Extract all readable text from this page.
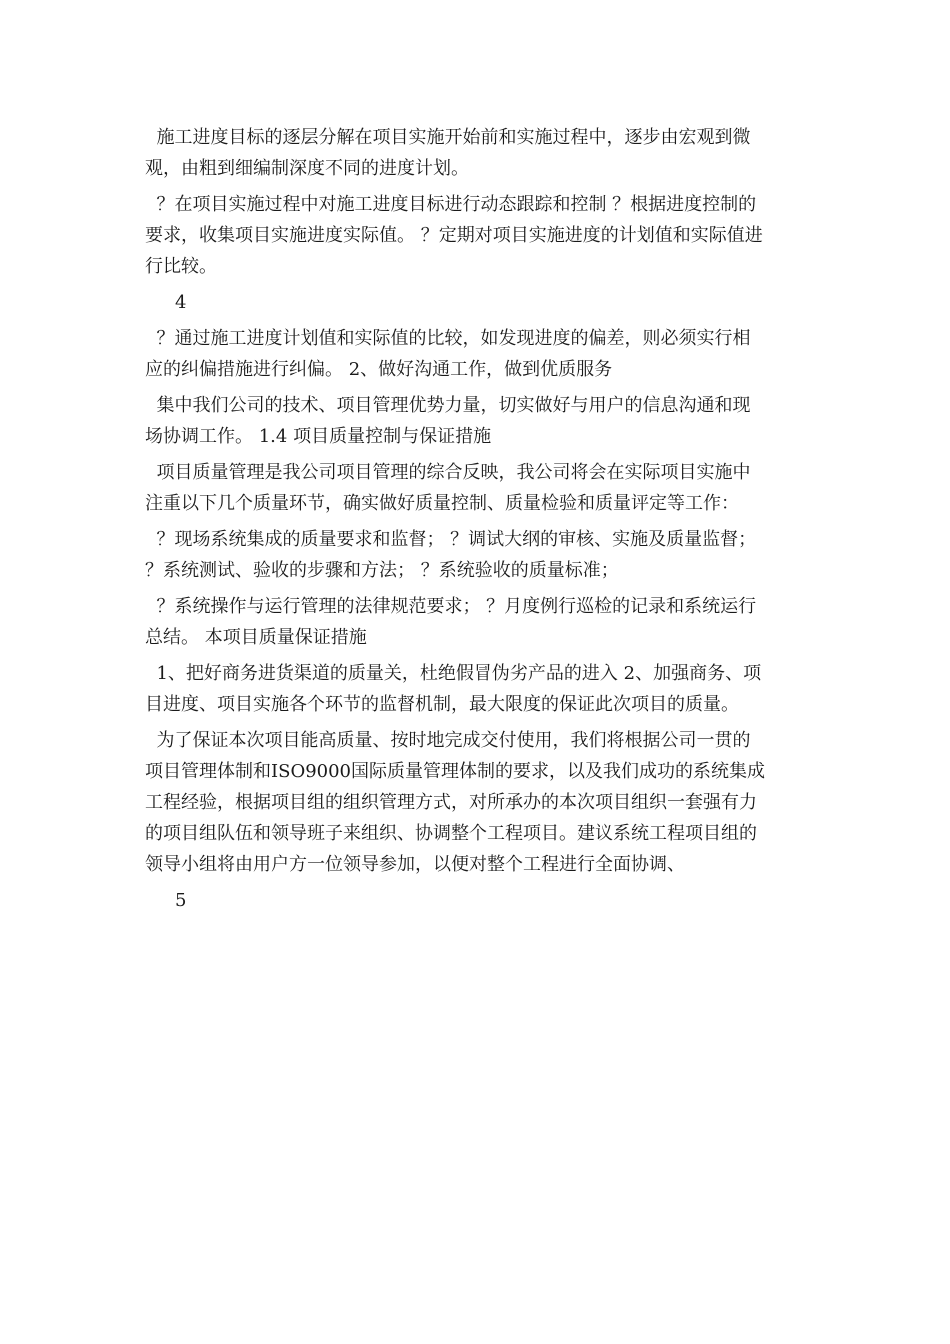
施工进度目标的逐层分解在项目实施开始前和实施过程中，逐步由宏观到微
观，由粗到细编制深度不同的进度计划。
？在项目实施过程中对施工进度目标进行动态跟踪和控制 ？根据进度控制的
要求，收集项目实施进度实际值。 ？定期对项目实施进度的计划值和实际值进
行比较。
4
？通过施工进度计划值和实际值的比较，如发现进度的偏差，则必须实行相
应的纠偏措施进行纠偏。 2、做好沟通工作，做到优质服务
集中我们公司的技术、项目管理优势力量，切实做好与用户的信息沟通和现
场协调工作。 1.4 项目质量控制与保证措施
项目质量管理是我公司项目管理的综合反映，我公司将会在实际项目实施中
注重以下几个质量环节，确实做好质量控制、质量检验和质量评定等工作：
？现场系统集成的质量要求和监督； ？调试大纲的审核、实施及质量监督；
？系统测试、验收的步骤和方法； ？系统验收的质量标准；
？系统操作与运行管理的法律规范要求； ？月度例行巡检的记录和系统运行
总结。 本项目质量保证措施
1、把好商务进货渠道的质量关，杜绝假冒伪劣产品的进入 2、加强商务、项
目进度、项目实施各个环节的监督机制，最大限度的保证此次项目的质量。
为了保证本次项目能高质量、按时地完成交付使用，我们将根据公司一贯的
项目管理体制和ISO9000国际质量管理体制的要求，以及我们成功的系统集成
工程经验，根据项目组的组织管理方式，对所承办的本次项目组织一套强有力
的项目组队伍和领导班子来组织、协调整个工程项目。建议系统工程项目组的
领导小组将由用户方一位领导参加，以便对整个工程进行全面协调、
5
